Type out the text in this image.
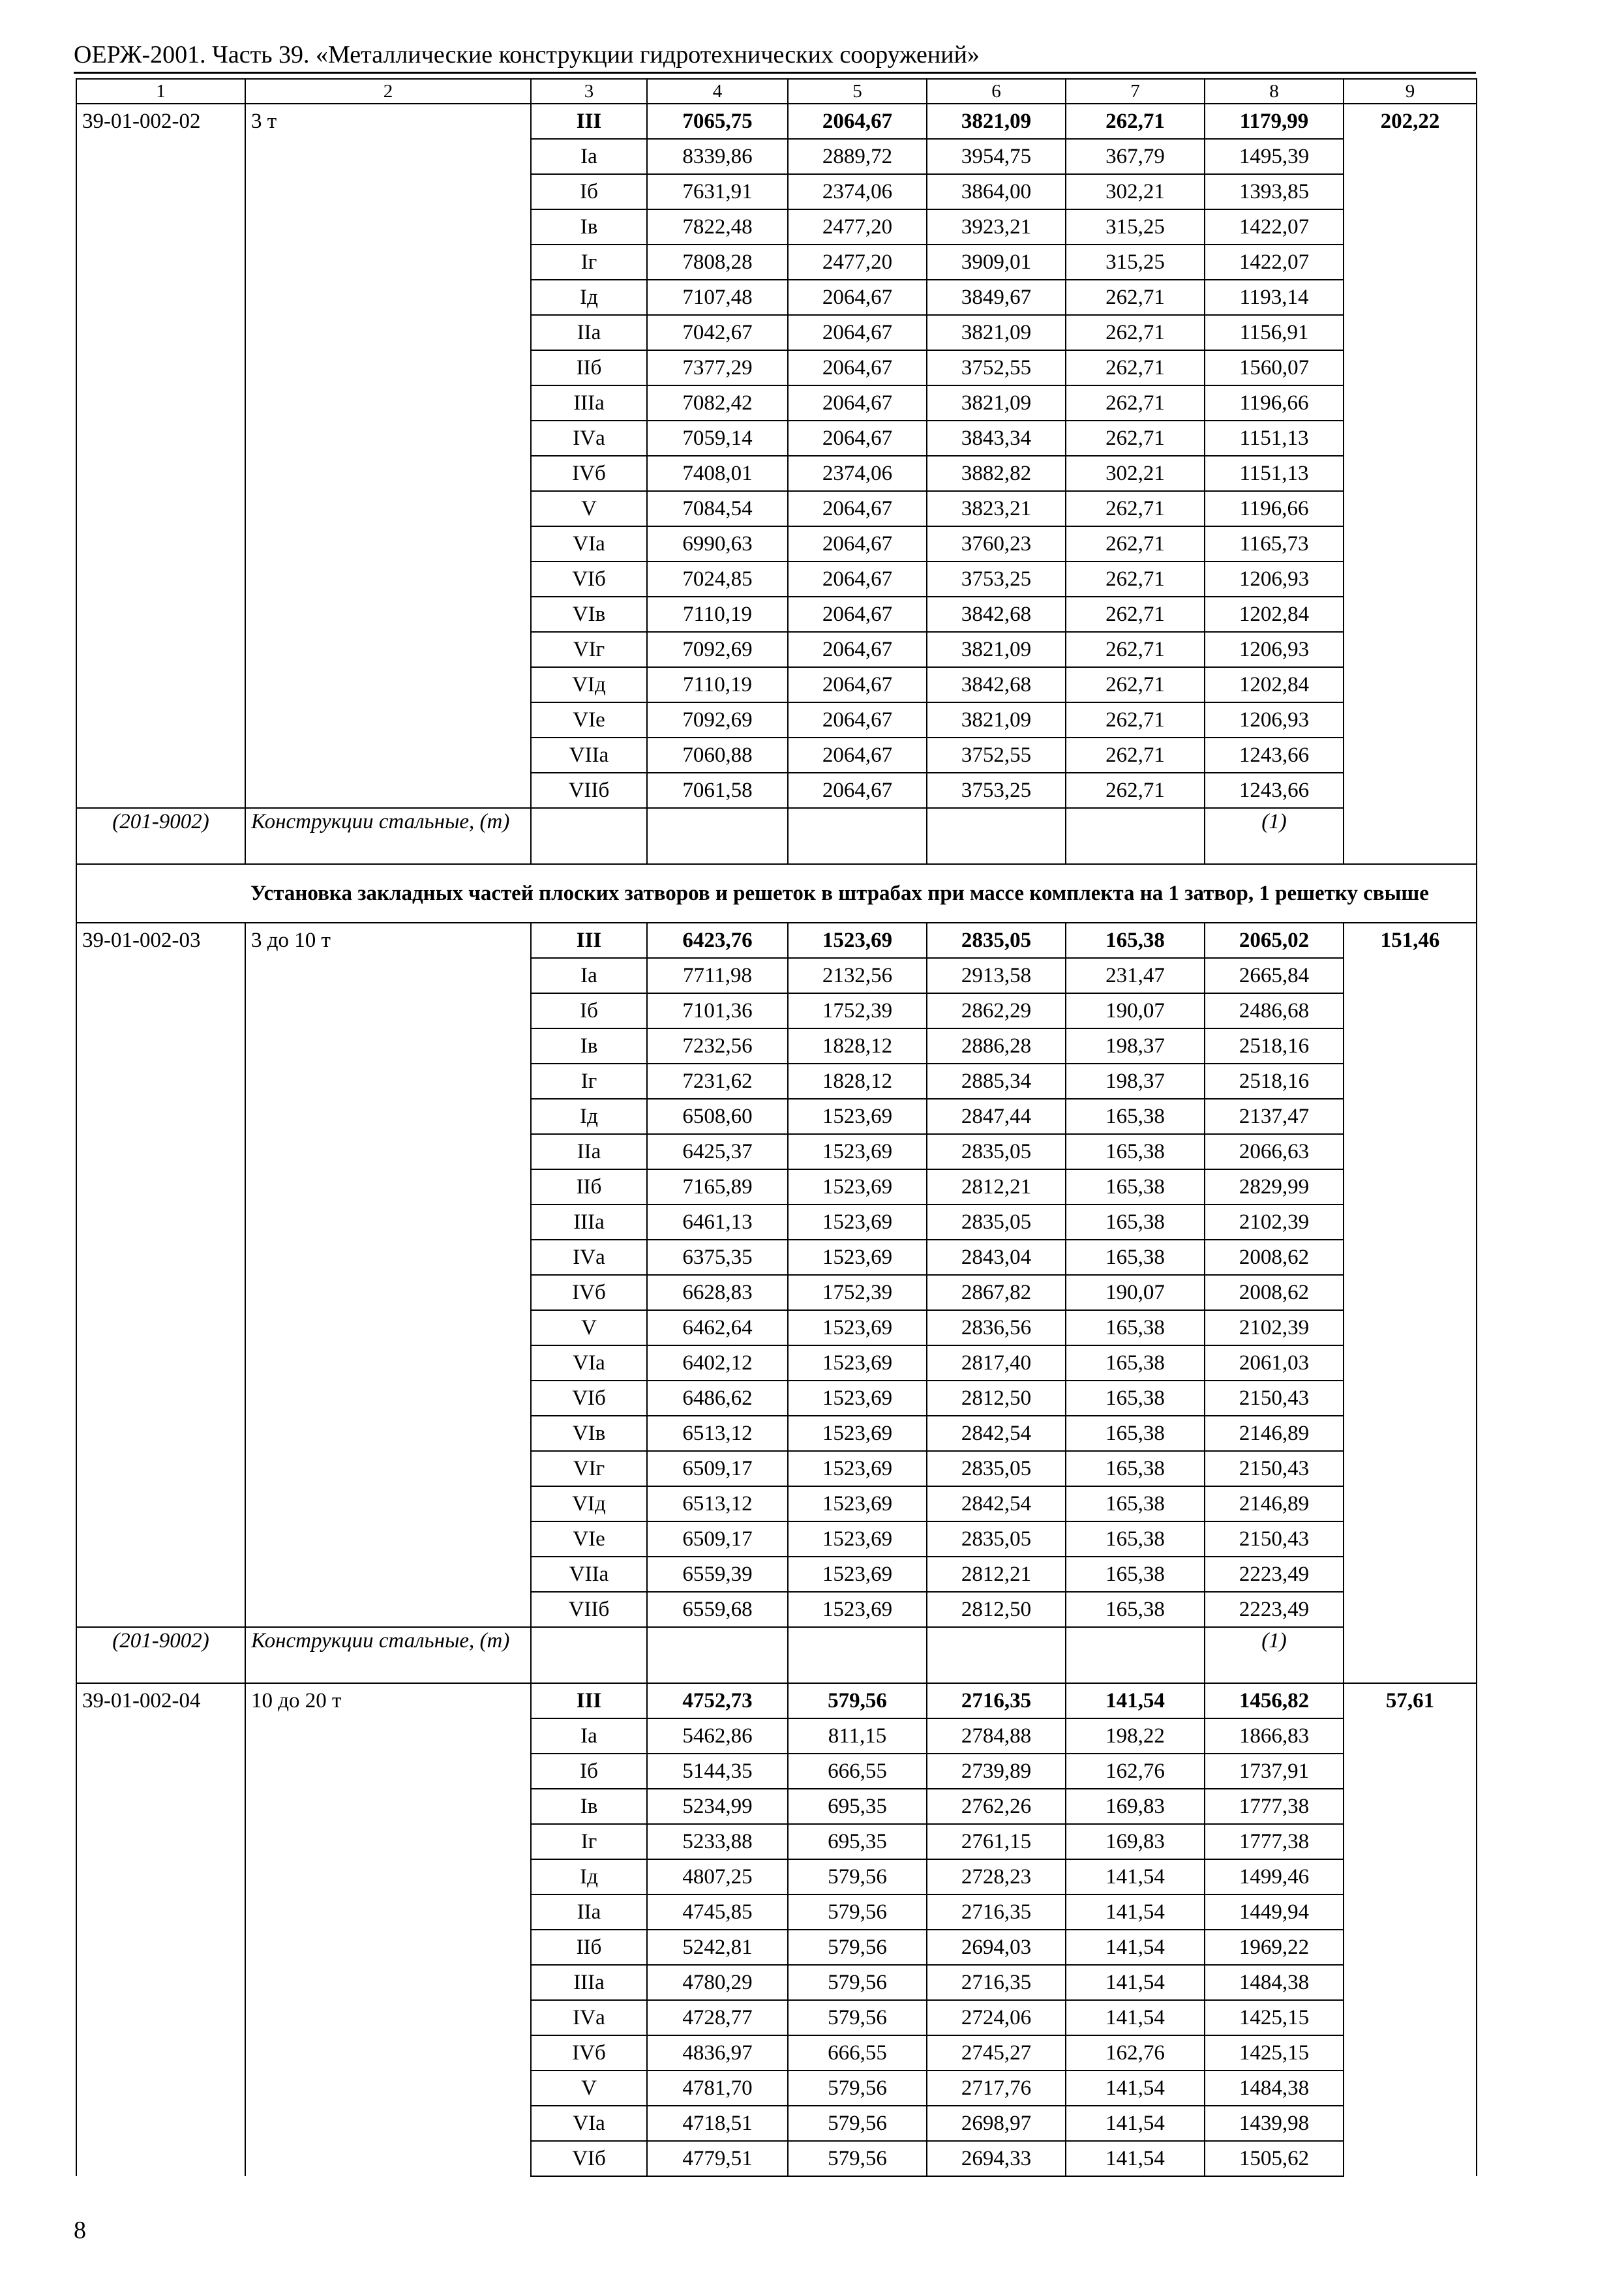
ОЕРЖ-2001. Часть 39. «Металлические конструкции гидротехнических сооружений»
1	2	3	4	5	6	7	8	9
39-01-002-02	3 т	III	7065,75	2064,67	3821,09	262,71	1179,99	202,22
		Iа	8339,86	2889,72	3954,75	367,79	1495,39	
		Iб	7631,91	2374,06	3864,00	302,21	1393,85	
		Iв	7822,48	2477,20	3923,21	315,25	1422,07	
		Iг	7808,28	2477,20	3909,01	315,25	1422,07	
		Iд	7107,48	2064,67	3849,67	262,71	1193,14	
		IIа	7042,67	2064,67	3821,09	262,71	1156,91	
		IIб	7377,29	2064,67	3752,55	262,71	1560,07	
		IIIа	7082,42	2064,67	3821,09	262,71	1196,66	
		IVа	7059,14	2064,67	3843,34	262,71	1151,13	
		IVб	7408,01	2374,06	3882,82	302,21	1151,13	
		V	7084,54	2064,67	3823,21	262,71	1196,66	
		VIа	6990,63	2064,67	3760,23	262,71	1165,73	
		VIб	7024,85	2064,67	3753,25	262,71	1206,93	
		VIв	7110,19	2064,67	3842,68	262,71	1202,84	
		VIг	7092,69	2064,67	3821,09	262,71	1206,93	
		VIд	7110,19	2064,67	3842,68	262,71	1202,84	
		VIе	7092,69	2064,67	3821,09	262,71	1206,93	
		VIIа	7060,88	2064,67	3752,55	262,71	1243,66	
		VIIб	7061,58	2064,67	3753,25	262,71	1243,66	
(201-9002)	Конструкции стальные, (т)						(1)	
	Установка закладных частей плоских затворов и решеток в штрабах при массе комплекта на 1 затвор, 1 решетку свыше							
39-01-002-03	3 до 10 т	III	6423,76	1523,69	2835,05	165,38	2065,02	151,46
		Iа	7711,98	2132,56	2913,58	231,47	2665,84	
		Iб	7101,36	1752,39	2862,29	190,07	2486,68	
		Iв	7232,56	1828,12	2886,28	198,37	2518,16	
		Iг	7231,62	1828,12	2885,34	198,37	2518,16	
		Iд	6508,60	1523,69	2847,44	165,38	2137,47	
		IIа	6425,37	1523,69	2835,05	165,38	2066,63	
		IIб	7165,89	1523,69	2812,21	165,38	2829,99	
		IIIа	6461,13	1523,69	2835,05	165,38	2102,39	
		IVа	6375,35	1523,69	2843,04	165,38	2008,62	
		IVб	6628,83	1752,39	2867,82	190,07	2008,62	
		V	6462,64	1523,69	2836,56	165,38	2102,39	
		VIа	6402,12	1523,69	2817,40	165,38	2061,03	
		VIб	6486,62	1523,69	2812,50	165,38	2150,43	
		VIв	6513,12	1523,69	2842,54	165,38	2146,89	
		VIг	6509,17	1523,69	2835,05	165,38	2150,43	
		VIд	6513,12	1523,69	2842,54	165,38	2146,89	
		VIе	6509,17	1523,69	2835,05	165,38	2150,43	
		VIIа	6559,39	1523,69	2812,21	165,38	2223,49	
		VIIб	6559,68	1523,69	2812,50	165,38	2223,49	
(201-9002)	Конструкции стальные, (т)						(1)	
39-01-002-04	10 до 20 т	III	4752,73	579,56	2716,35	141,54	1456,82	57,61
		Iа	5462,86	811,15	2784,88	198,22	1866,83	
		Iб	5144,35	666,55	2739,89	162,76	1737,91	
		Iв	5234,99	695,35	2762,26	169,83	1777,38	
		Iг	5233,88	695,35	2761,15	169,83	1777,38	
		Iд	4807,25	579,56	2728,23	141,54	1499,46	
		IIа	4745,85	579,56	2716,35	141,54	1449,94	
		IIб	5242,81	579,56	2694,03	141,54	1969,22	
		IIIа	4780,29	579,56	2716,35	141,54	1484,38	
		IVа	4728,77	579,56	2724,06	141,54	1425,15	
		IVб	4836,97	666,55	2745,27	162,76	1425,15	
		V	4781,70	579,56	2717,76	141,54	1484,38	
		VIа	4718,51	579,56	2698,97	141,54	1439,98	
		VIб	4779,51	579,56	2694,33	141,54	1505,62	
8
